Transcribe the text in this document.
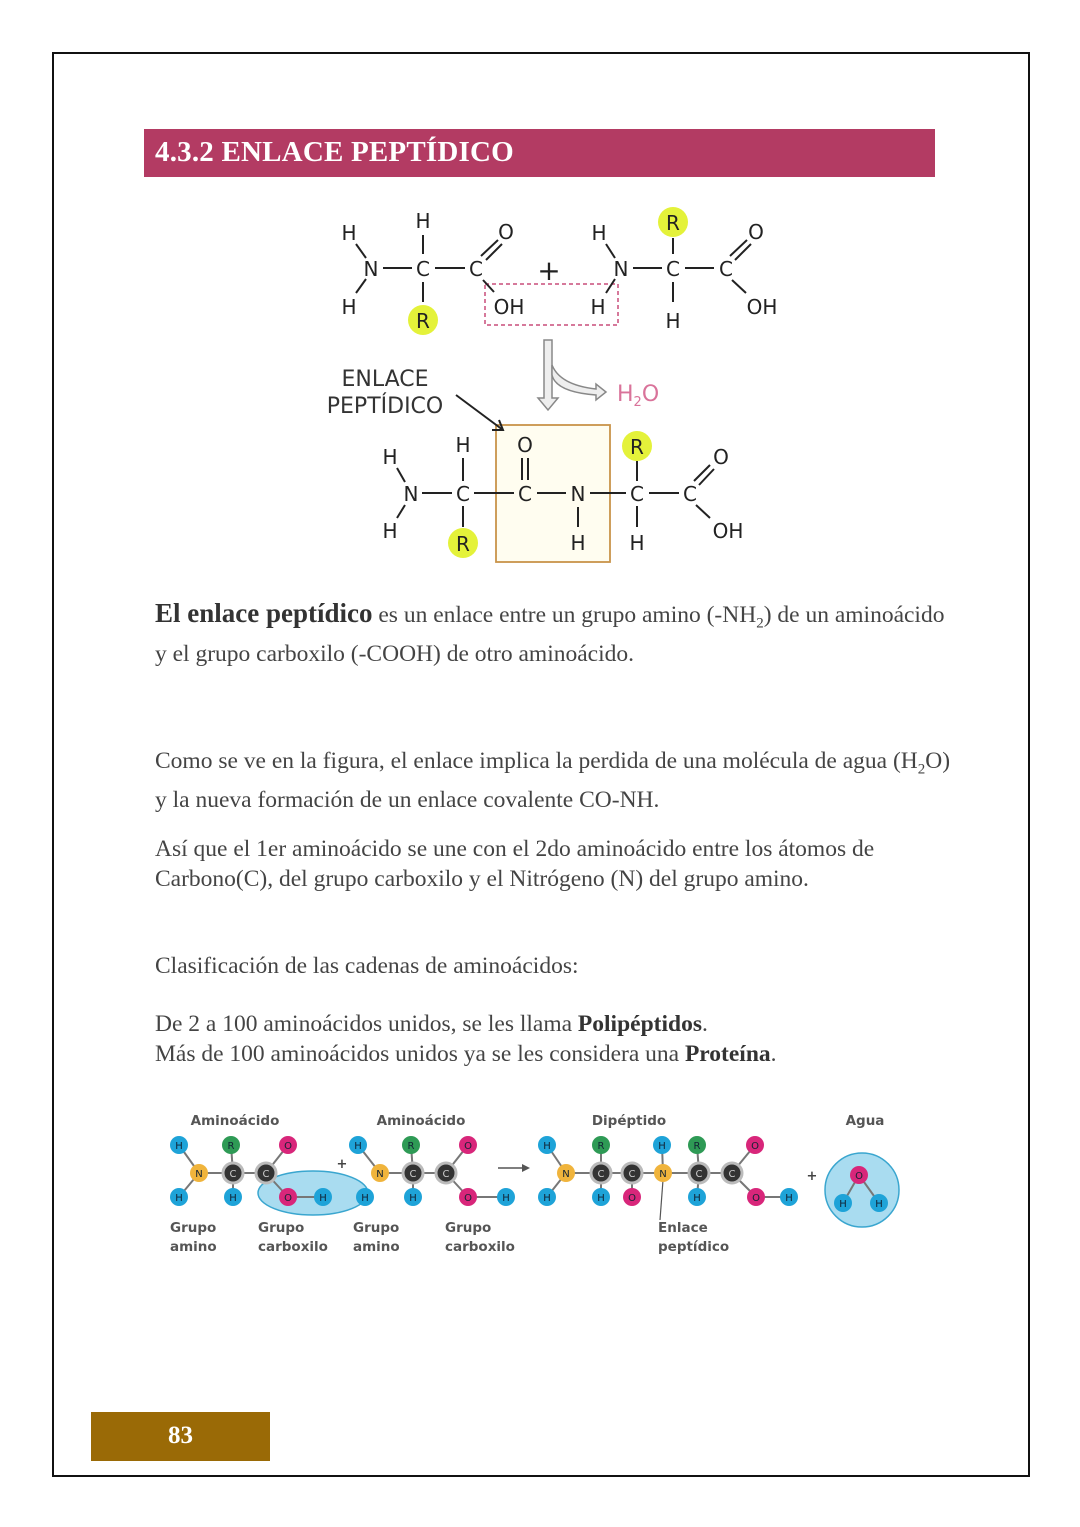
4.3.2 ENLACE PEPTÍDICO
H	H	O
N C C
H
R
OH	H
+
H	R	O
N C C
H
OH
H	H O	R	O
N C C N C C
H
R	H H	OH
ENLACE
PEPTÍDICO	$H_2O$
El enlace peptídico es un enlace entre un grupo amino $(-NH_2)$ de un aminoácido y el grupo carboxilo (-COOH) de otro aminoácido.
Como se ve en la figura, el enlace implica la perdida de una molécula de agua $(H_2O)$ y la nueva formación de un enlace covalente CO-NH.
Así que el 1er aminoácido se une con el 2do aminoácido entre los átomos de Carbono(C), del grupo carboxilo y el Nitrógeno (N) del grupo amino.
Clasificación de las cadenas de aminoácidos:
De 2 a 100 aminoácidos unidos, se les llama Polipéptidos.
Más de 100 aminoácidos unidos ya se les considera una Proteína.
H	R	O
N	C	C
H	H	O	H	H
H	R	O
N	C	C
H	O	H
H	R	H	R	O
N	C C N	C	C
H	H O	H	O	H
O
H	H
+
+
Aminoácido	Aminoácido	Dipéptido	Agua
Grupo
amino
Grupo
carboxilo
Grupo
amino
Grupo
carboxilo
Enlace
peptídico
83
